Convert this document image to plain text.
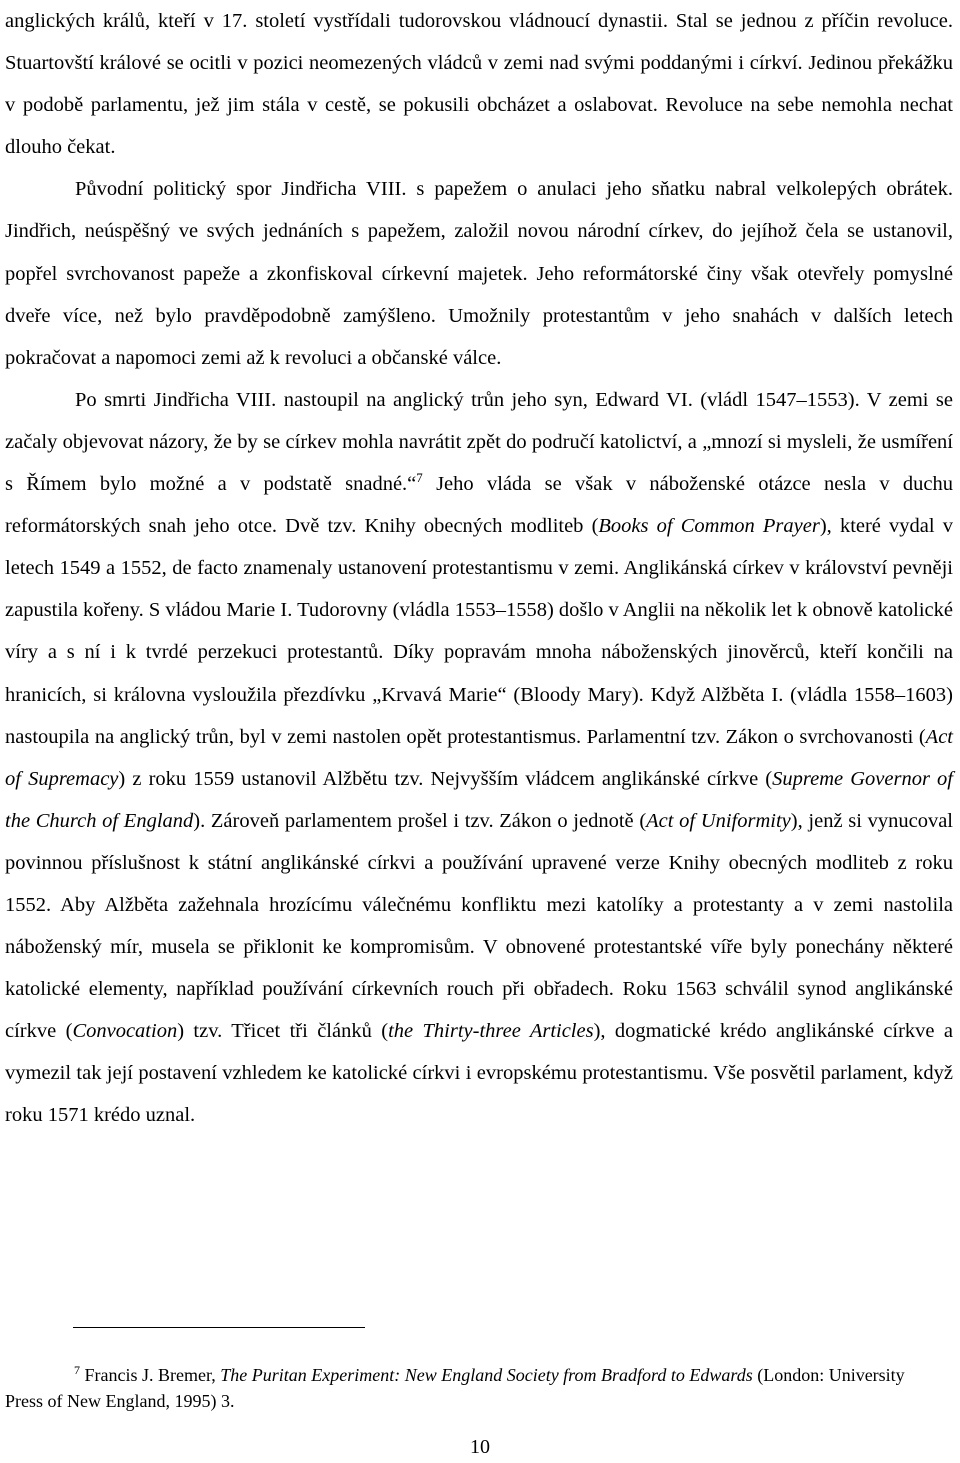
anglických králů, kteří v 17. století vystřídali tudorovskou vládnoucí dynastii. Stal se jednou z příčin revoluce. Stuartovští králové se ocitli v pozici neomezených vládců v zemi nad svými poddanými i církví. Jedinou překážku v podobě parlamentu, jež jim stála v cestě, se pokusili obcházet a oslabovat. Revoluce na sebe nemohla nechat dlouho čekat.

Původní politický spor Jindřicha VIII. s papežem o anulaci jeho sňatku nabral velkolepých obrátek. Jindřich, neúspěšný ve svých jednáních s papežem, založil novou národní církev, do jejíhož čela se ustanovil, popřel svrchovanost papeže a zkonfiskoval církevní majetek. Jeho reformátorské činy však otevřely pomyslné dveře více, než bylo pravděpodobně zamýšleno. Umožnily protestantům v jeho snahách v dalších letech pokračovat a napomoci zemi až k revoluci a občanské válce.

Po smrti Jindřicha VIII. nastoupil na anglický trůn jeho syn, Edward VI. (vládl 1547–1553). V zemi se začaly objevovat názory, že by se církev mohla navrátit zpět do područí katolictví, a „mnozí si mysleli, že usmíření s Římem bylo možné a v podstatě snadné.“$^7$ Jeho vláda se však v náboženské otázce nesla v duchu reformátorských snah jeho otce. Dvě tzv. Knihy obecných modliteb (Books of Common Prayer), které vydal v letech 1549 a 1552, de facto znamenaly ustanovení protestantismu v zemi. Anglikánská církev v království pevněji zapustila kořeny. S vládou Marie I. Tudorovny (vládla 1553–1558) došlo v Anglii na několik let k obnově katolické víry a s ní i k tvrdé perzekuci protestantů. Díky popravám mnoha náboženských jinověrců, kteří končili na hranicích, si královna vysloužila přezdívku „Krvavá Marie“ (Bloody Mary). Když Alžběta I. (vládla 1558–1603) nastoupila na anglický trůn, byl v zemi nastolen opět protestantismus. Parlamentní tzv. Zákon o svrchovanosti (Act of Supremacy) z roku 1559 ustanovil Alžbětu tzv. Nejvyšším vládcem anglikánské církve (Supreme Governor of the Church of England). Zároveň parlamentem prošel i tzv. Zákon o jednotě (Act of Uniformity), jenž si vynucoval povinnou příslušnost k státní anglikánské církvi a používání upravené verze Knihy obecných modliteb z roku 1552. Aby Alžběta zažehnala hrozícímu válečnému konfliktu mezi katolíky a protestanty a v zemi nastolila náboženský mír, musela se přiklonit ke kompromisům. V obnovené protestantské víře byly ponechány některé katolické elementy, například používání církevních rouch při obřadech. Roku 1563 schválil synod anglikánské církve (Convocation) tzv. Třicet tři článků (the Thirty-three Articles), dogmatické krédo anglikánské církve a vymezil tak její postavení vzhledem ke katolické církvi i evropskému protestantismu. Vše posvětil parlament, když roku 1571 krédo uznal.

$^7$ Francis J. Bremer, The Puritan Experiment: New England Society from Bradford to Edwards (London: University Press of New England, 1995) 3.
10
